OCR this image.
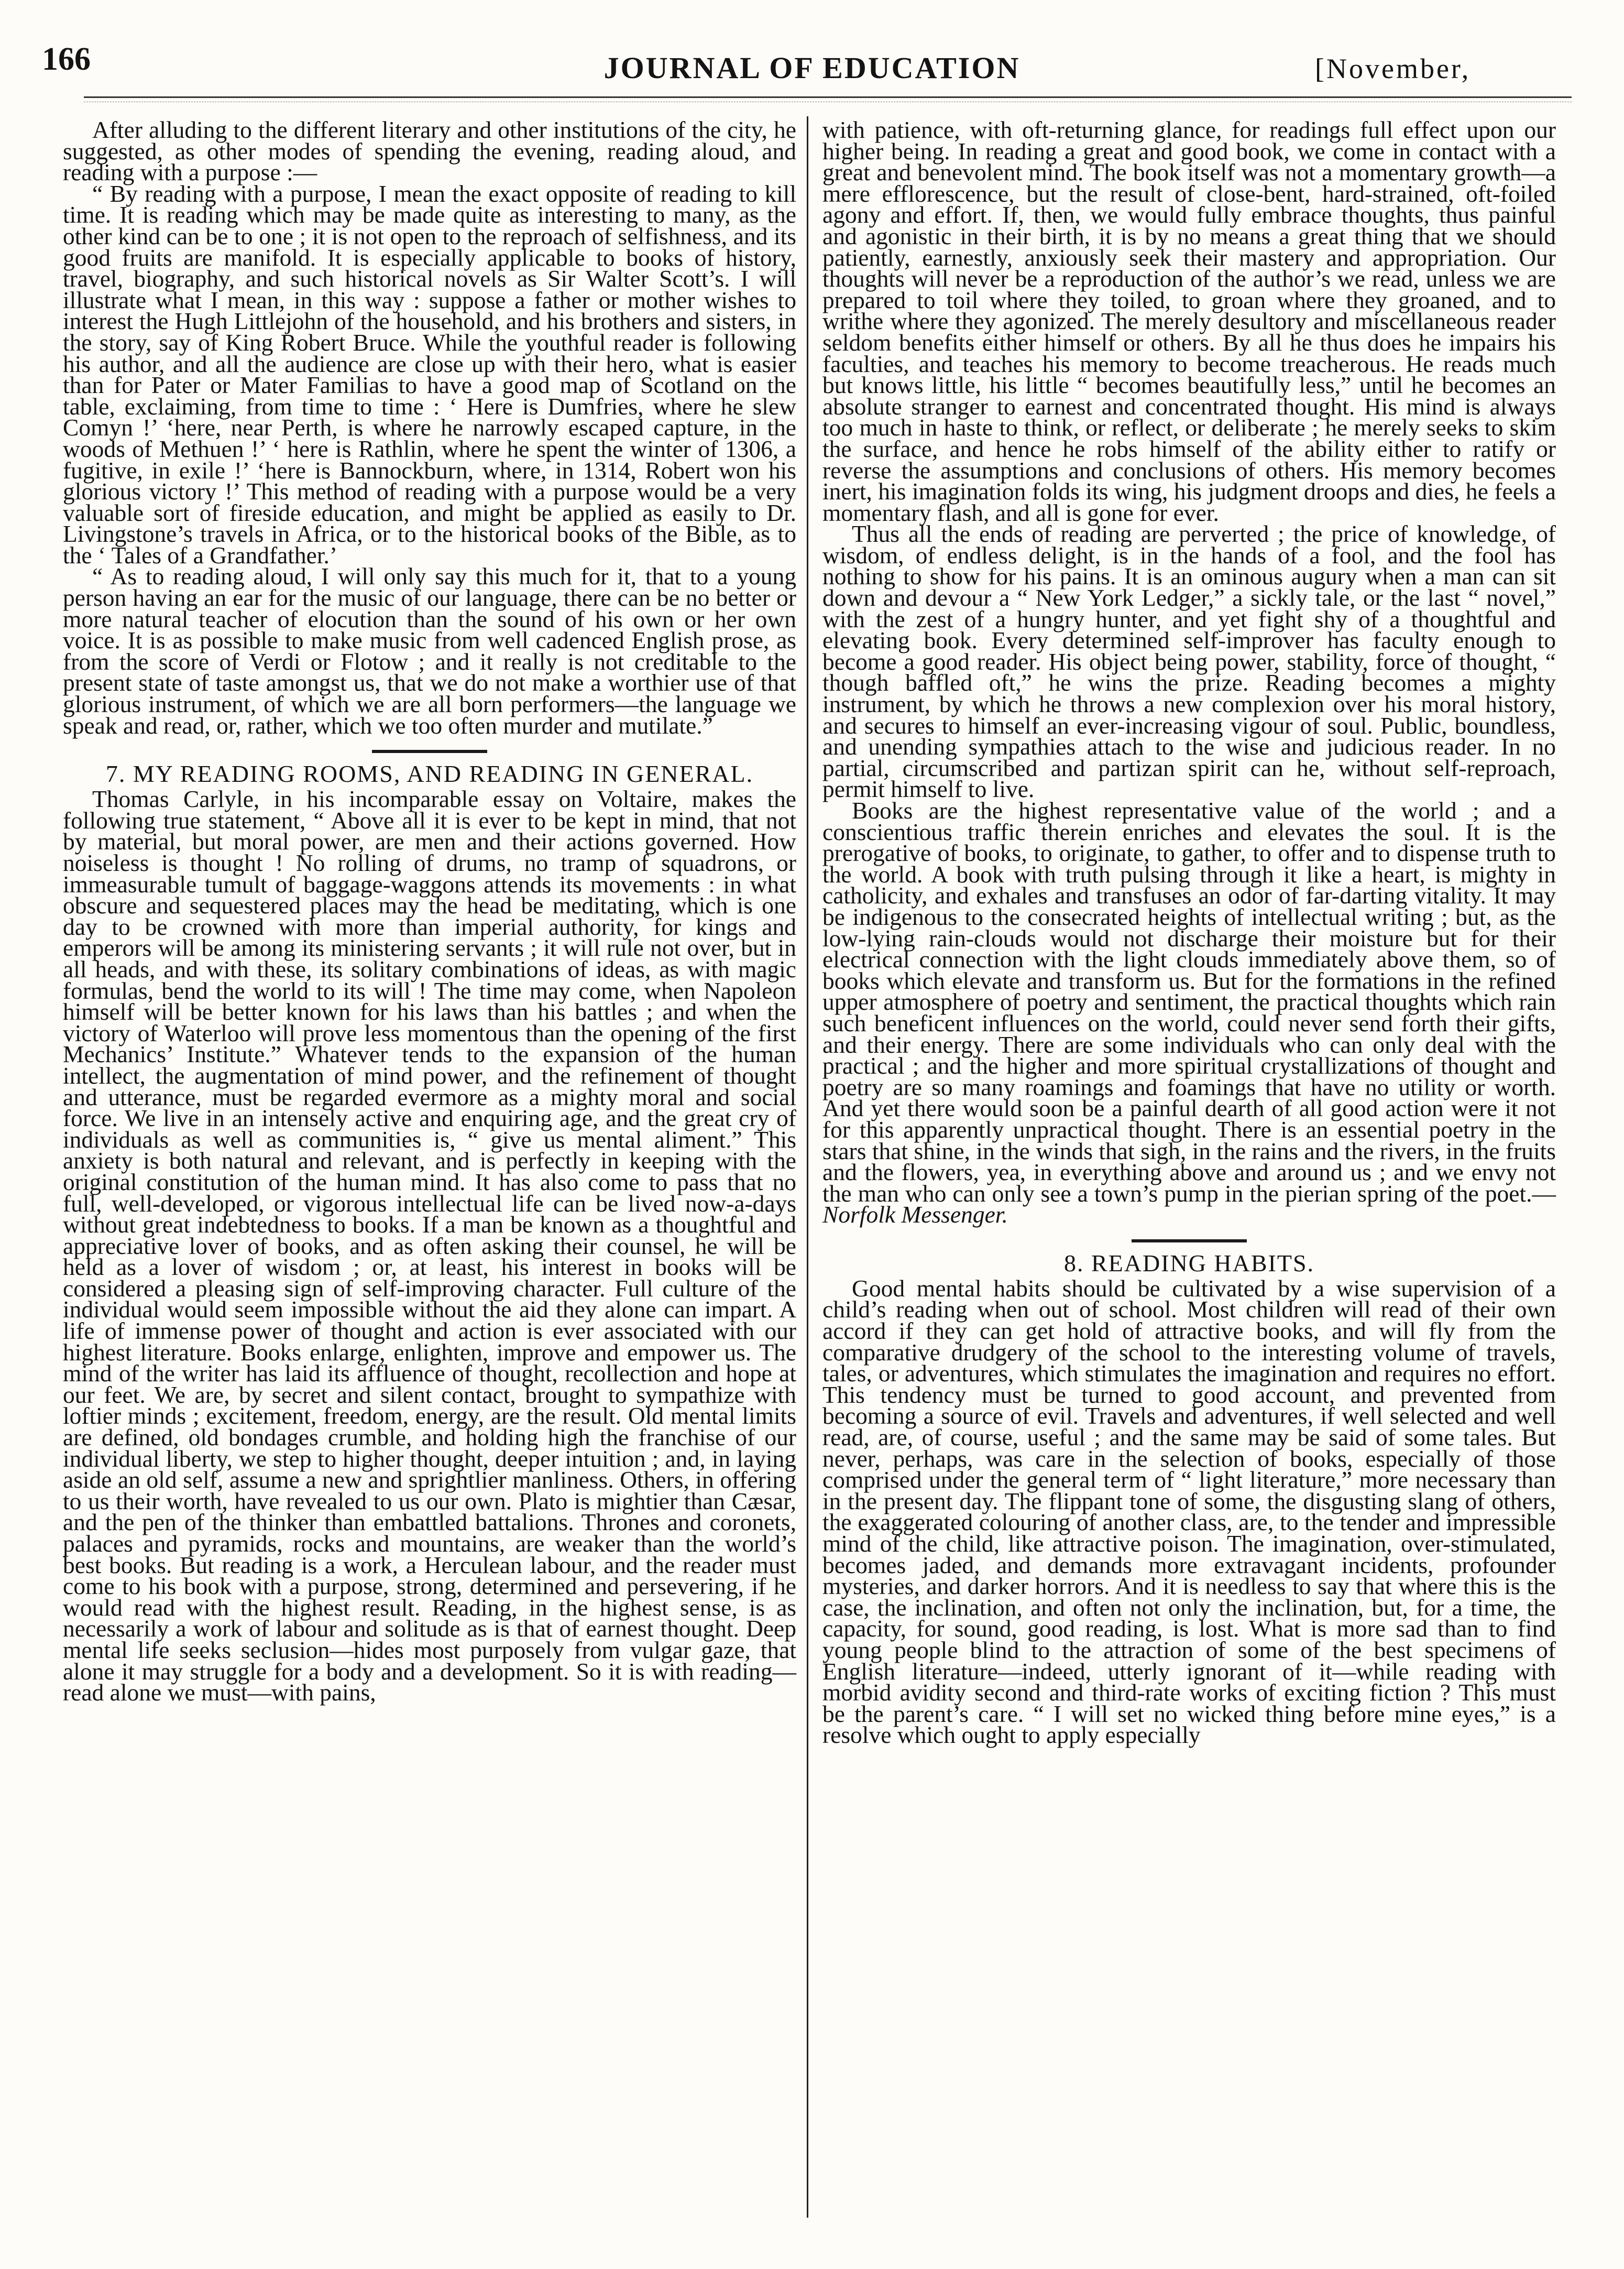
166	JOURNAL OF EDUCATION	[November,

After alluding to the different literary and other institutions of the city, he suggested, as other modes of spending the evening, reading aloud, and reading with a purpose :—

“ By reading with a purpose, I mean the exact opposite of reading to kill time. It is reading which may be made quite as interesting to many, as the other kind can be to one ; it is not open to the reproach of selfishness, and its good fruits are manifold. It is especially applicable to books of history, travel, biography, and such historical novels as Sir Walter Scott’s. I will illustrate what I mean, in this way : suppose a father or mother wishes to interest the Hugh Littlejohn of the household, and his brothers and sisters, in the story, say of King Robert Bruce. While the youthful reader is following his author, and all the audience are close up with their hero, what is easier than for Pater or Mater Familias to have a good map of Scotland on the table, exclaiming, from time to time : ‘ Here is Dumfries, where he slew Comyn !’ ‘here, near Perth, is where he narrowly escaped capture, in the woods of Methuen !’ ‘ here is Rathlin, where he spent the winter of 1306, a fugitive, in exile !’ ‘here is Bannockburn, where, in 1314, Robert won his glorious victory !’ This method of reading with a purpose would be a very valuable sort of fireside education, and might be applied as easily to Dr. Livingstone’s travels in Africa, or to the historical books of the Bible, as to the ‘ Tales of a Grandfather.’

“ As to reading aloud, I will only say this much for it, that to a young person having an ear for the music of our language, there can be no better or more natural teacher of elocution than the sound of his own or her own voice. It is as possible to make music from well cadenced English prose, as from the score of Verdi or Flotow ; and it really is not creditable to the present state of taste amongst us, that we do not make a worthier use of that glorious instrument, of which we are all born performers—the language we speak and read, or, rather, which we too often murder and mutilate.”

7. MY READING ROOMS, AND READING IN GENERAL.

Thomas Carlyle, in his incomparable essay on Voltaire, makes the following true statement, “ Above all it is ever to be kept in mind, that not by material, but moral power, are men and their actions governed. How noiseless is thought ! No rolling of drums, no tramp of squadrons, or immeasurable tumult of baggage-waggons attends its movements : in what obscure and sequestered places may the head be meditating, which is one day to be crowned with more than imperial authority, for kings and emperors will be among its ministering servants ; it will rule not over, but in all heads, and with these, its solitary combinations of ideas, as with magic formulas, bend the world to its will ! The time may come, when Napoleon himself will be better known for his laws than his battles ; and when the victory of Waterloo will prove less momentous than the opening of the first Mechanics’ Institute.” Whatever tends to the expansion of the human intellect, the augmentation of mind power, and the refinement of thought and utterance, must be regarded evermore as a mighty moral and social force. We live in an intensely active and enquiring age, and the great cry of individuals as well as communities is, “ give us mental aliment.” This anxiety is both natural and relevant, and is perfectly in keeping with the original constitution of the human mind. It has also come to pass that no full, well-developed, or vigorous intellectual life can be lived now-a-days without great indebtedness to books. If a man be known as a thoughtful and appreciative lover of books, and as often asking their counsel, he will be held as a lover of wisdom ; or, at least, his interest in books will be considered a pleasing sign of self-improving character. Full culture of the individual would seem impossible without the aid they alone can impart. A life of immense power of thought and action is ever associated with our highest literature. Books enlarge, enlighten, improve and empower us. The mind of the writer has laid its affluence of thought, recollection and hope at our feet. We are, by secret and silent contact, brought to sympathize with loftier minds ; excitement, freedom, energy, are the result. Old mental limits are defined, old bondages crumble, and holding high the franchise of our individual liberty, we step to higher thought, deeper intuition ; and, in laying aside an old self, assume a new and sprightlier manliness. Others, in offering to us their worth, have revealed to us our own. Plato is mightier than Cæsar, and the pen of the thinker than embattled battalions. Thrones and coronets, palaces and pyramids, rocks and mountains, are weaker than the world’s best books. But reading is a work, a Herculean labour, and the reader must come to his book with a purpose, strong, determined and persevering, if he would read with the highest result. Reading, in the highest sense, is as necessarily a work of labour and solitude as is that of earnest thought. Deep mental life seeks seclusion—hides most purposely from vulgar gaze, that alone it may struggle for a body and a development. So it is with reading—read alone we must—with pains,

with patience, with oft-returning glance, for readings full effect upon our higher being. In reading a great and good book, we come in contact with a great and benevolent mind. The book itself was not a momentary growth—a mere efflorescence, but the result of close-bent, hard-strained, oft-foiled agony and effort. If, then, we would fully embrace thoughts, thus painful and agonistic in their birth, it is by no means a great thing that we should patiently, earnestly, anxiously seek their mastery and appropriation. Our thoughts will never be a reproduction of the author’s we read, unless we are prepared to toil where they toiled, to groan where they groaned, and to writhe where they agonized. The merely desultory and miscellaneous reader seldom benefits either himself or others. By all he thus does he impairs his faculties, and teaches his memory to become treacherous. He reads much but knows little, his little “ becomes beautifully less,” until he becomes an absolute stranger to earnest and concentrated thought. His mind is always too much in haste to think, or reflect, or deliberate ; he merely seeks to skim the surface, and hence he robs himself of the ability either to ratify or reverse the assumptions and conclusions of others. His memory becomes inert, his imagination folds its wing, his judgment droops and dies, he feels a momentary flash, and all is gone for ever.

Thus all the ends of reading are perverted ; the price of knowledge, of wisdom, of endless delight, is in the hands of a fool, and the fool has nothing to show for his pains. It is an ominous augury when a man can sit down and devour a “ New York Ledger,” a sickly tale, or the last “ novel,” with the zest of a hungry hunter, and yet fight shy of a thoughtful and elevating book. Every determined self-improver has faculty enough to become a good reader. His object being power, stability, force of thought, “ though baffled oft,” he wins the prize. Reading becomes a mighty instrument, by which he throws a new complexion over his moral history, and secures to himself an ever-increasing vigour of soul. Public, boundless, and unending sympathies attach to the wise and judicious reader. In no partial, circumscribed and partizan spirit can he, without self-reproach, permit himself to live.

Books are the highest representative value of the world ; and a conscientious traffic therein enriches and elevates the soul. It is the prerogative of books, to originate, to gather, to offer and to dispense truth to the world. A book with truth pulsing through it like a heart, is mighty in catholicity, and exhales and transfuses an odor of far-darting vitality. It may be indigenous to the consecrated heights of intellectual writing ; but, as the low-lying rain-clouds would not discharge their moisture but for their electrical connection with the light clouds immediately above them, so of books which elevate and transform us. But for the formations in the refined upper atmosphere of poetry and sentiment, the practical thoughts which rain such beneficent influences on the world, could never send forth their gifts, and their energy. There are some individuals who can only deal with the practical ; and the higher and more spiritual crystallizations of thought and poetry are so many roamings and foamings that have no utility or worth. And yet there would soon be a painful dearth of all good action were it not for this apparently unpractical thought. There is an essential poetry in the stars that shine, in the winds that sigh, in the rains and the rivers, in the fruits and the flowers, yea, in everything above and around us ; and we envy not the man who can only see a town’s pump in the pierian spring of the poet.—Norfolk Messenger.

8. READING HABITS.

Good mental habits should be cultivated by a wise supervision of a child’s reading when out of school. Most children will read of their own accord if they can get hold of attractive books, and will fly from the comparative drudgery of the school to the interesting volume of travels, tales, or adventures, which stimulates the imagination and requires no effort. This tendency must be turned to good account, and prevented from becoming a source of evil. Travels and adventures, if well selected and well read, are, of course, useful ; and the same may be said of some tales. But never, perhaps, was care in the selection of books, especially of those comprised under the general term of “ light literature,” more necessary than in the present day. The flippant tone of some, the disgusting slang of others, the exaggerated colouring of another class, are, to the tender and impressible mind of the child, like attractive poison. The imagination, over-stimulated, becomes jaded, and demands more extravagant incidents, profounder mysteries, and darker horrors. And it is needless to say that where this is the case, the inclination, and often not only the inclination, but, for a time, the capacity, for sound, good reading, is lost. What is more sad than to find young people blind to the attraction of some of the best specimens of English literature—indeed, utterly ignorant of it—while reading with morbid avidity second and third-rate works of exciting fiction ? This must be the parent’s care. “ I will set no wicked thing before mine eyes,” is a resolve which ought to apply especially
